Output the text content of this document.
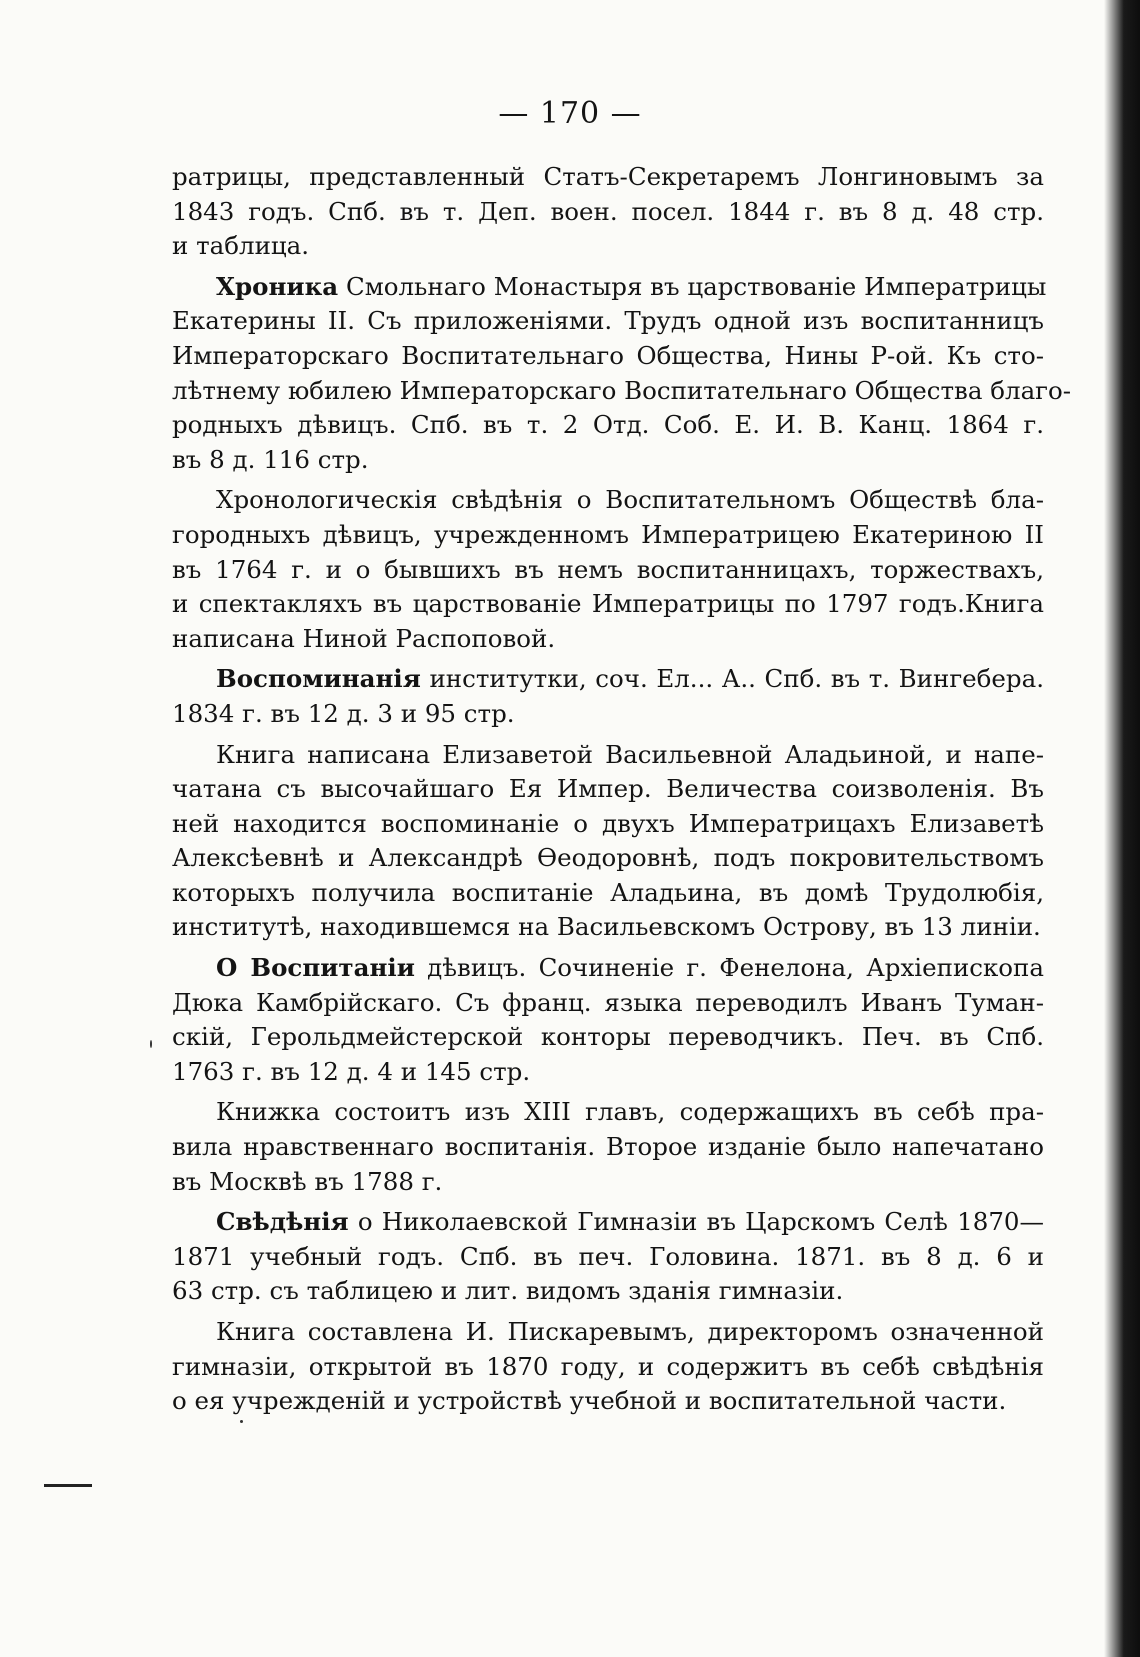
— 170 —

ратрицы, представленный Статъ-Секретаремъ Лонгиновымъ за
1843 годъ. Спб. въ т. Деп. воен. посел. 1844 г. въ 8 д. 48 стр.
и таблица.

Хроника Смольнаго Монастыря въ царствованіе Императрицы
Екатерины II. Съ приложеніями. Трудъ одной изъ воспитанницъ
Императорскаго Воспитательнаго Общества, Нины Р-ой. Къ сто-
лѣтнему юбилею Императорскаго Воспитательнаго Общества благо-
родныхъ дѣвицъ. Спб. въ т. 2 Отд. Соб. Е. И. В. Канц. 1864 г.
въ 8 д. 116 стр.

Хронологическія свѣдѣнія о Воспитательномъ Обществѣ бла-
городныхъ дѣвицъ, учрежденномъ Императрицею Екатериною II
въ 1764 г. и о бывшихъ въ немъ воспитанницахъ, торжествахъ,
и спектакляхъ въ царствованіе Императрицы по 1797 годъ.Книга
написана Ниной Распоповой.

Воспоминанія институтки, соч. Ел... А.. Спб. въ т. Вингебера.
1834 г. въ 12 д. 3 и 95 стр.

Книга написана Елизаветой Васильевной Аладьиной, и напе-
чатана съ высочайшаго Ея Импер. Величества соизволенія. Въ
ней находится воспоминаніе о двухъ Императрицахъ Елизаветѣ
Алексѣевнѣ и Александрѣ Өеодоровнѣ, подъ покровительствомъ
которыхъ получила воспитаніе Аладьина, въ домѣ Трудолюбія,
институтѣ, находившемся на Васильевскомъ Острову, въ 13 линіи.

О Воспитаніи дѣвицъ. Сочиненіе г. Фенелона, Архіепископа
Дюка Камбрійскаго. Съ франц. языка переводилъ Иванъ Туман-
скій, Герольдмейстерской конторы переводчикъ. Печ. въ Спб.
1763 г. въ 12 д. 4 и 145 стр.

Книжка состоитъ изъ XIII главъ, содержащихъ въ себѣ пра-
вила нравственнаго воспитанія. Второе изданіе было напечатано
въ Москвѣ въ 1788 г.

Свѣдѣнія о Николаевской Гимназіи въ Царскомъ Селѣ 1870—
1871 учебный годъ. Спб. въ печ. Головина. 1871. въ 8 д. 6 и
63 стр. съ таблицею и лит. видомъ зданія гимназіи.

Книга составлена И. Пискаревымъ, директоромъ означенной
гимназіи, открытой въ 1870 году, и содержитъ въ себѣ свѣдѣнія
о ея учрежденій и устройствѣ учебной и воспитательной части.
